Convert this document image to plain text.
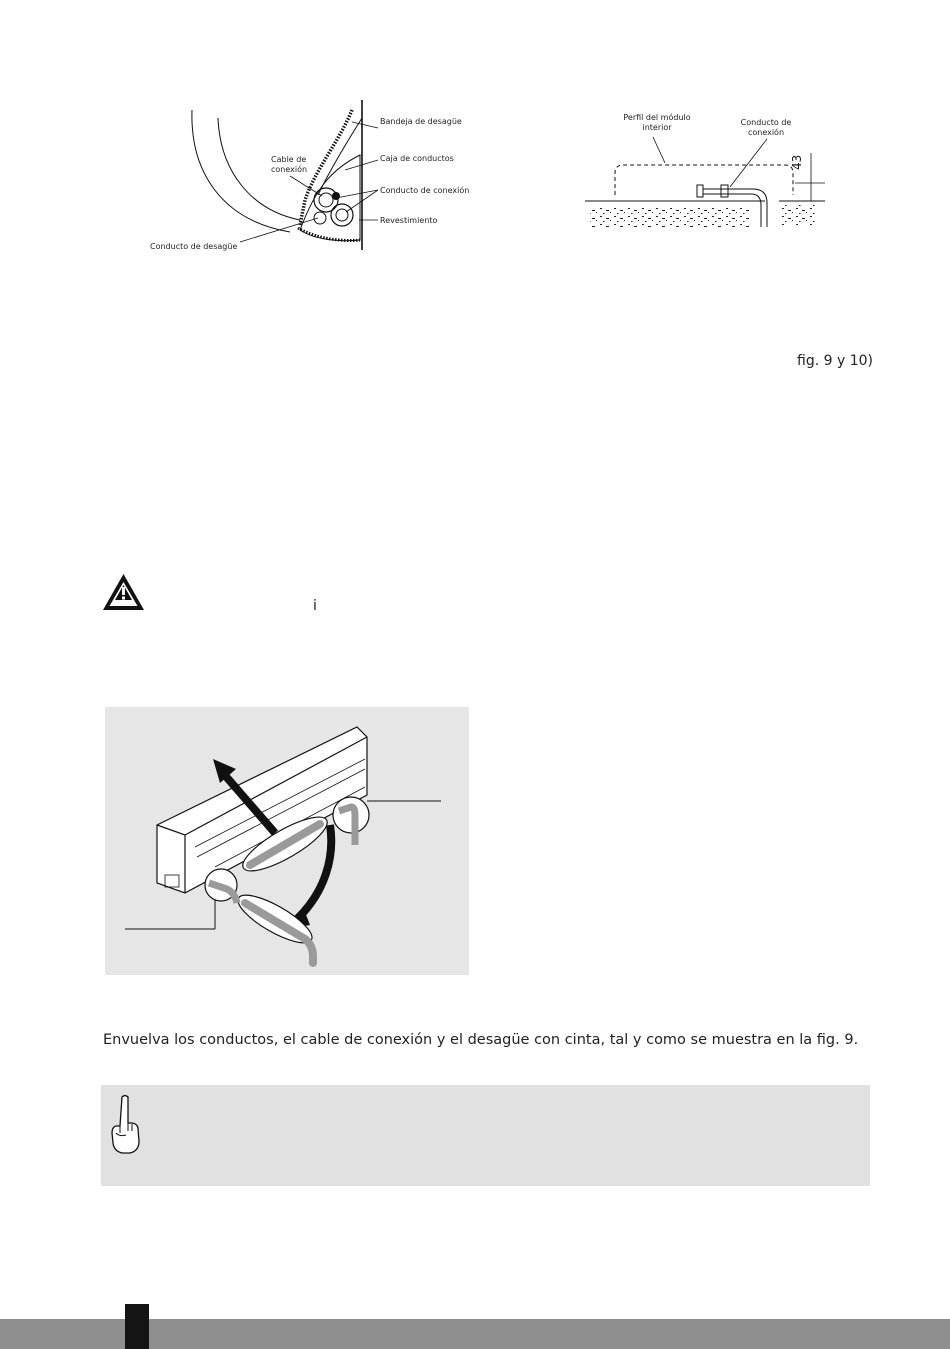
Bandeja de desagüe
Cable de
conexión
Caja de conductos
Conducto de conexión
Revestimiento
Conducto de desagüe
Perfil del módulo
interior
Conducto de
conexión
43
fig. 9 y 10)
i
Envuelva los conductos, el cable de conexión y el desagüe con cinta, tal y como se muestra en la fig. 9.
